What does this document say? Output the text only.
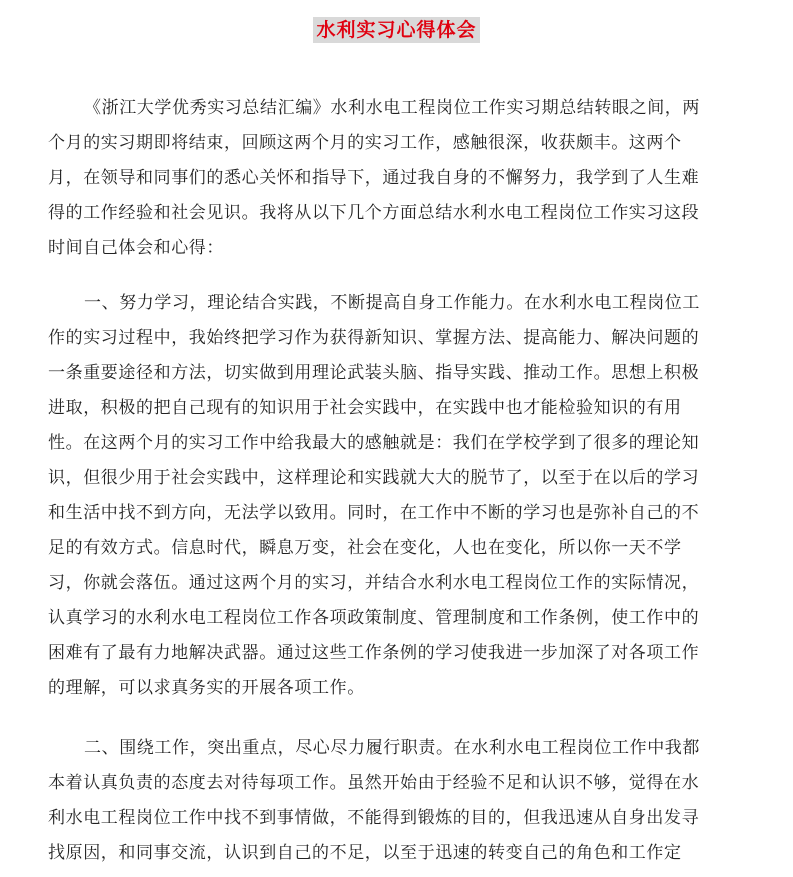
水利实习心得体会
《浙江大学优秀实习总结汇编》水利水电工程岗位工作实习期总结转眼之间，两
个月的实习期即将结束，回顾这两个月的实习工作，感触很深，收获颇丰。这两个
月，在领导和同事们的悉心关怀和指导下，通过我自身的不懈努力，我学到了人生难
得的工作经验和社会见识。我将从以下几个方面总结水利水电工程岗位工作实习这段
时间自己体会和心得：
一、努力学习，理论结合实践，不断提高自身工作能力。在水利水电工程岗位工
作的实习过程中，我始终把学习作为获得新知识、掌握方法、提高能力、解决问题的
一条重要途径和方法，切实做到用理论武装头脑、指导实践、推动工作。思想上积极
进取，积极的把自己现有的知识用于社会实践中，在实践中也才能检验知识的有用
性。在这两个月的实习工作中给我最大的感触就是：我们在学校学到了很多的理论知
识，但很少用于社会实践中，这样理论和实践就大大的脱节了，以至于在以后的学习
和生活中找不到方向，无法学以致用。同时，在工作中不断的学习也是弥补自己的不
足的有效方式。信息时代，瞬息万变，社会在变化，人也在变化，所以你一天不学
习，你就会落伍。通过这两个月的实习，并结合水利水电工程岗位工作的实际情况，
认真学习的水利水电工程岗位工作各项政策制度、管理制度和工作条例，使工作中的
困难有了最有力地解决武器。通过这些工作条例的学习使我进一步加深了对各项工作
的理解，可以求真务实的开展各项工作。
二、围绕工作，突出重点，尽心尽力履行职责。在水利水电工程岗位工作中我都
本着认真负责的态度去对待每项工作。虽然开始由于经验不足和认识不够，觉得在水
利水电工程岗位工作中找不到事情做，不能得到锻炼的目的，但我迅速从自身出发寻
找原因，和同事交流，认识到自己的不足，以至于迅速的转变自己的角色和工作定
